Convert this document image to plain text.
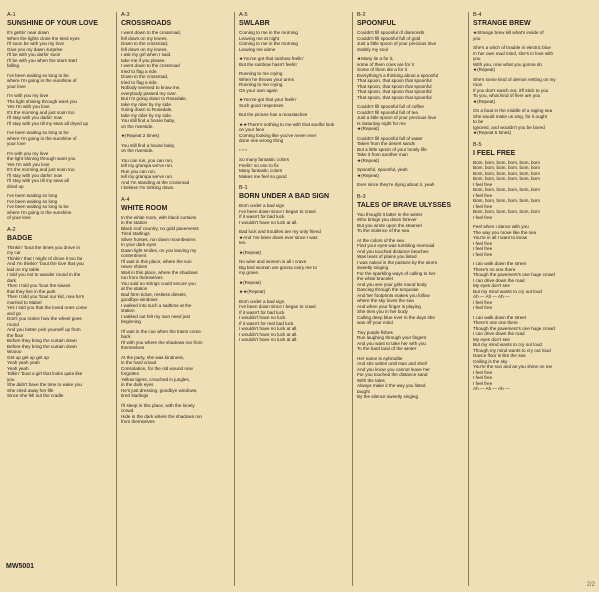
A-1
SUNSHINE OF YOUR LOVE
It's gettin' near down
When the lights close the tired eyes
I'll soon be with you my love
Give you my dawn surprise
I'll be with you darlin' soon
I'll be with you when the stars start
falling
I've been waiting so long to be
where I'm going in the sunshine of
your love
I'm with you my love
The light shining through want you
Yes I'm with you love
It's the morning and just soon too
I'll stay with you darlin' now
I'll stay with you till my seas all dryed up
I've been waiting so long to be
where I'm going in the sunshine of
your love
I'm with you my love
the light shining through want you
Yes I'm with you love
It's the morning and just soon too
I'll stay with you darlin' now
I'll stay with you till my seas all
dried up
I've been waiting so long
I've been waiting so long
I've been waiting so long to be
where I'm going in the sunshine
of your love
A-2
BADGE
Thinkin' 'bout the times you drove in
my car
Thinkin' that I might of drove it too far
And I'm thinkin' 'bout the love that you
laid on my table
I told you not to wander round in the
dark
Then I told you 'bout the swans
that they live in the park
Then I told you 'bout our kid, now he's
married to Mabel
Yes I told you that the loved ones come
and go
Don't you notice how the wheel goes
round
And you better pick yourself up from
the floor
Before they bring the curtain down
Before they bring the curtain down
Woooo
Get up get up get up
Yeah yeah yeah
Yeah yeah
Talkin' 'bout a girl that looks quite like
you
She didn't have the time to wake you
She cried away her life
Since she fell out the cradle
A-3
CROSSROADS
I went down to the crossroad,
fell down on my knees.
Down to the crossroad,
fell down on my knees.
I ask my girl when I said,
take me if you please.
I went down to the crossroad
tried to flag a ride.
Down to the crossroad,
tried to flag a ride.
Nobody seemed to know me,
everybody passed my over.
But I'm going down to Rosedale,
take my rider by my side.
Going down to Rosedale,
take my rider by my side.
You still find a hoose baby,
on the riverside.
★(Repeat 2 times)
You still find a house baby,
on the riverside.
You can run, you can run,
tell my grampa we've run.
Run you can run,
tell my grampa we've run.
And I'm standing at the crossroad
I believe I'm sinking down.
A-4
WHITE ROOM
In the white room, with black curtains
in the station
Black roof country, no gold pavements
Tired starlings
Silver horses, run down moonbeams
In your dark eyes
Dawn light smiles, on you leaving my
contentment
I'll wait in this place, where the sun
never shines
Wait in this place, where the shadows
run from themselves
You said no strings could secure you
at the station
Bad form ticket, restless diesels,
goodbye windows
I walked into such a sadtime at the
station
I walked out felt my own need just
beginning
I'll wait in the cue when the trains come
back
I'll with you where the shadows run from
themselves
At the party, she was kindness,
in the hard crowd
Consolation, for the old wound now
forgotten
Yellow tigers, crouched in jungles,
in the dark eyes
He's just dressing, goodbye windows,
tired starlings
I'll sleep in this place, with the lonely
crowd
Hide in the dark where the shadows run
from themselves
A-5
SWLABR
Coming to me in the morning
Leaving me at night
Coming to me in the morning
Leaving me alone
★You've got that rainbow feelin'
But the rainbow hasn't feelin'
Running to me crying
When he throws your arms
Running to me crying
On your own again
★You've got that your feelin'
Such good responses
But the picture has a moustaches
★★There's nothing to me with that soulful look
on your face
Coming looking like you've never ever
done one wrong thing
* * *
So many fantastic colors
Feelin' no one to fix
Many fantastic colors
Makes me feel so good
B-1
BORN UNDER A BAD SIGN
Born under a bad sign
I've been down since I began to crawl.
If it wasn't for bad luck
I wouldn't have no luck at all.
Bad luck and troubles are my only friend
★And I've been down ever since I was
ten.
★(Repeat)
No wine and women is all I crave
Big bed woman are gonna carry me to
my grave.
★(Repeat)
★★(Repeat)
Born under a bad sign.
I've been down since I began to crawl.
If it wasn't for bad luck
I wouldn't have no luck.
If it wasn't for real bad luck.
I wouldn't have no luck at all.
I wouldn't have no luck at all.
I wouldn't have no luck at all.
B-2
SPOONFUL
Couldn't fill spoonful of diamonds
Couldn't fill spoonful full of gold
Just a little spoon of your precious love
Satisfy my soul
★Many lie a for it,
some of them cries are for it
Some of them die a for it
Everything's a thinking about a spoonful
That spoon, that spoon that spoonful
That spoon, that spoon that spoonful
That spoon, that spoon that spoonful
That spoon, that spoon that spoonful
Couldn't fill spoonful full of coffee
Couldn't fill spoonful full of tea
Just a little spoon of your precious love
Is Saturday night for me
★(Repeat)
Couldn't fill spoonful full of water
Taken from the desert sands
But a little spoon of your lonely life
Take it from another man
★(Repeat)
Spoonful, spoonful, yeah
★(Repeat)
Ever since they're dying about it, yeah
B-3
TALES OF BRAVE ULYSSES
You thought it latter in the winter
Who brings you down forever
But you wrote upon the steamer
To the violence of the sea
At the colors of the sea
Find your eyes was tumbling mermaid
And you touched distance beaches
Was tears of plains you listed
I was naked in the pasture by the storm
sweetly singing
For the sparkling ways of calling to her
the white bracelet
And you see your girls round body
Dancing through the turquoise
And her footprints makes you follow
where the sky loves the sea
And when your finger is playing
She tries you in her body
Calling deep blue river in the days she
was off your mind
Tiny purple fishes
Run laughing through your fingers
And you want to take her with you
To the hard land of the winter
Her name is Aphrodite
And she writes until man and shell
And you know you cannot leave her
For you touched the distance sand
With the tales
Always make it the way you listed
taught
By the silence sweetly singing
B-4
STRANGE BREW
★Strange brew kill what's inside of
you
She's a witch of trouble in electric blue
In her own mad mind, she's in love with
you
With you, now what you gonna do
★(Repeat)
She's some kind of demon setting on my
roon
If you don't watch out, it'll stick to you
To you, what kind of fiver are you
★(Repeat)
On a boat in the middle of a raging sea
She would make us sing, for it ought
to be
Ignored, and wouldn't you be bored
★(Repeat 5 times)
B-5
I FEEL FREE
Bom, bom, bom, bom, bom, bom
Bom, bom, bom, bom, bom, bom
Bom, bom, bom, bom, bom, bom
Bom, bom, bom, bom, bom, bom
I feel free
Bom, bom, bom, bom, bom, bom
I feel free
Bom, bom, bom, bom, bom, bom
I feel free
Bom, bom, bom, bom, bom, bom
I feel free
Feel when I dance with you
The way you move like the sea
You're in all I want to know
I feel free
I feel free
I feel free
I can walk down the street
There's no one there
Though the pavement's one huge crowd
I can drive down the road
My eyes don't see
But my mind wants to cry out loud
Ah — Ah — Ah —
I feel free
I feel free
I can walk down the street
There's one one there
Though the pavement's one huge crowd
I can drive down the road
My eyes don't see
But my mind wants to cry out loud
Though my mind wants to cry out loud
Dance floor is like the sea
Ceiling is the sky
You're the sun and as you shine on me
I feel free
I feel free
I feel free
Ah — Ah — Ah —
MW5001
2/2
